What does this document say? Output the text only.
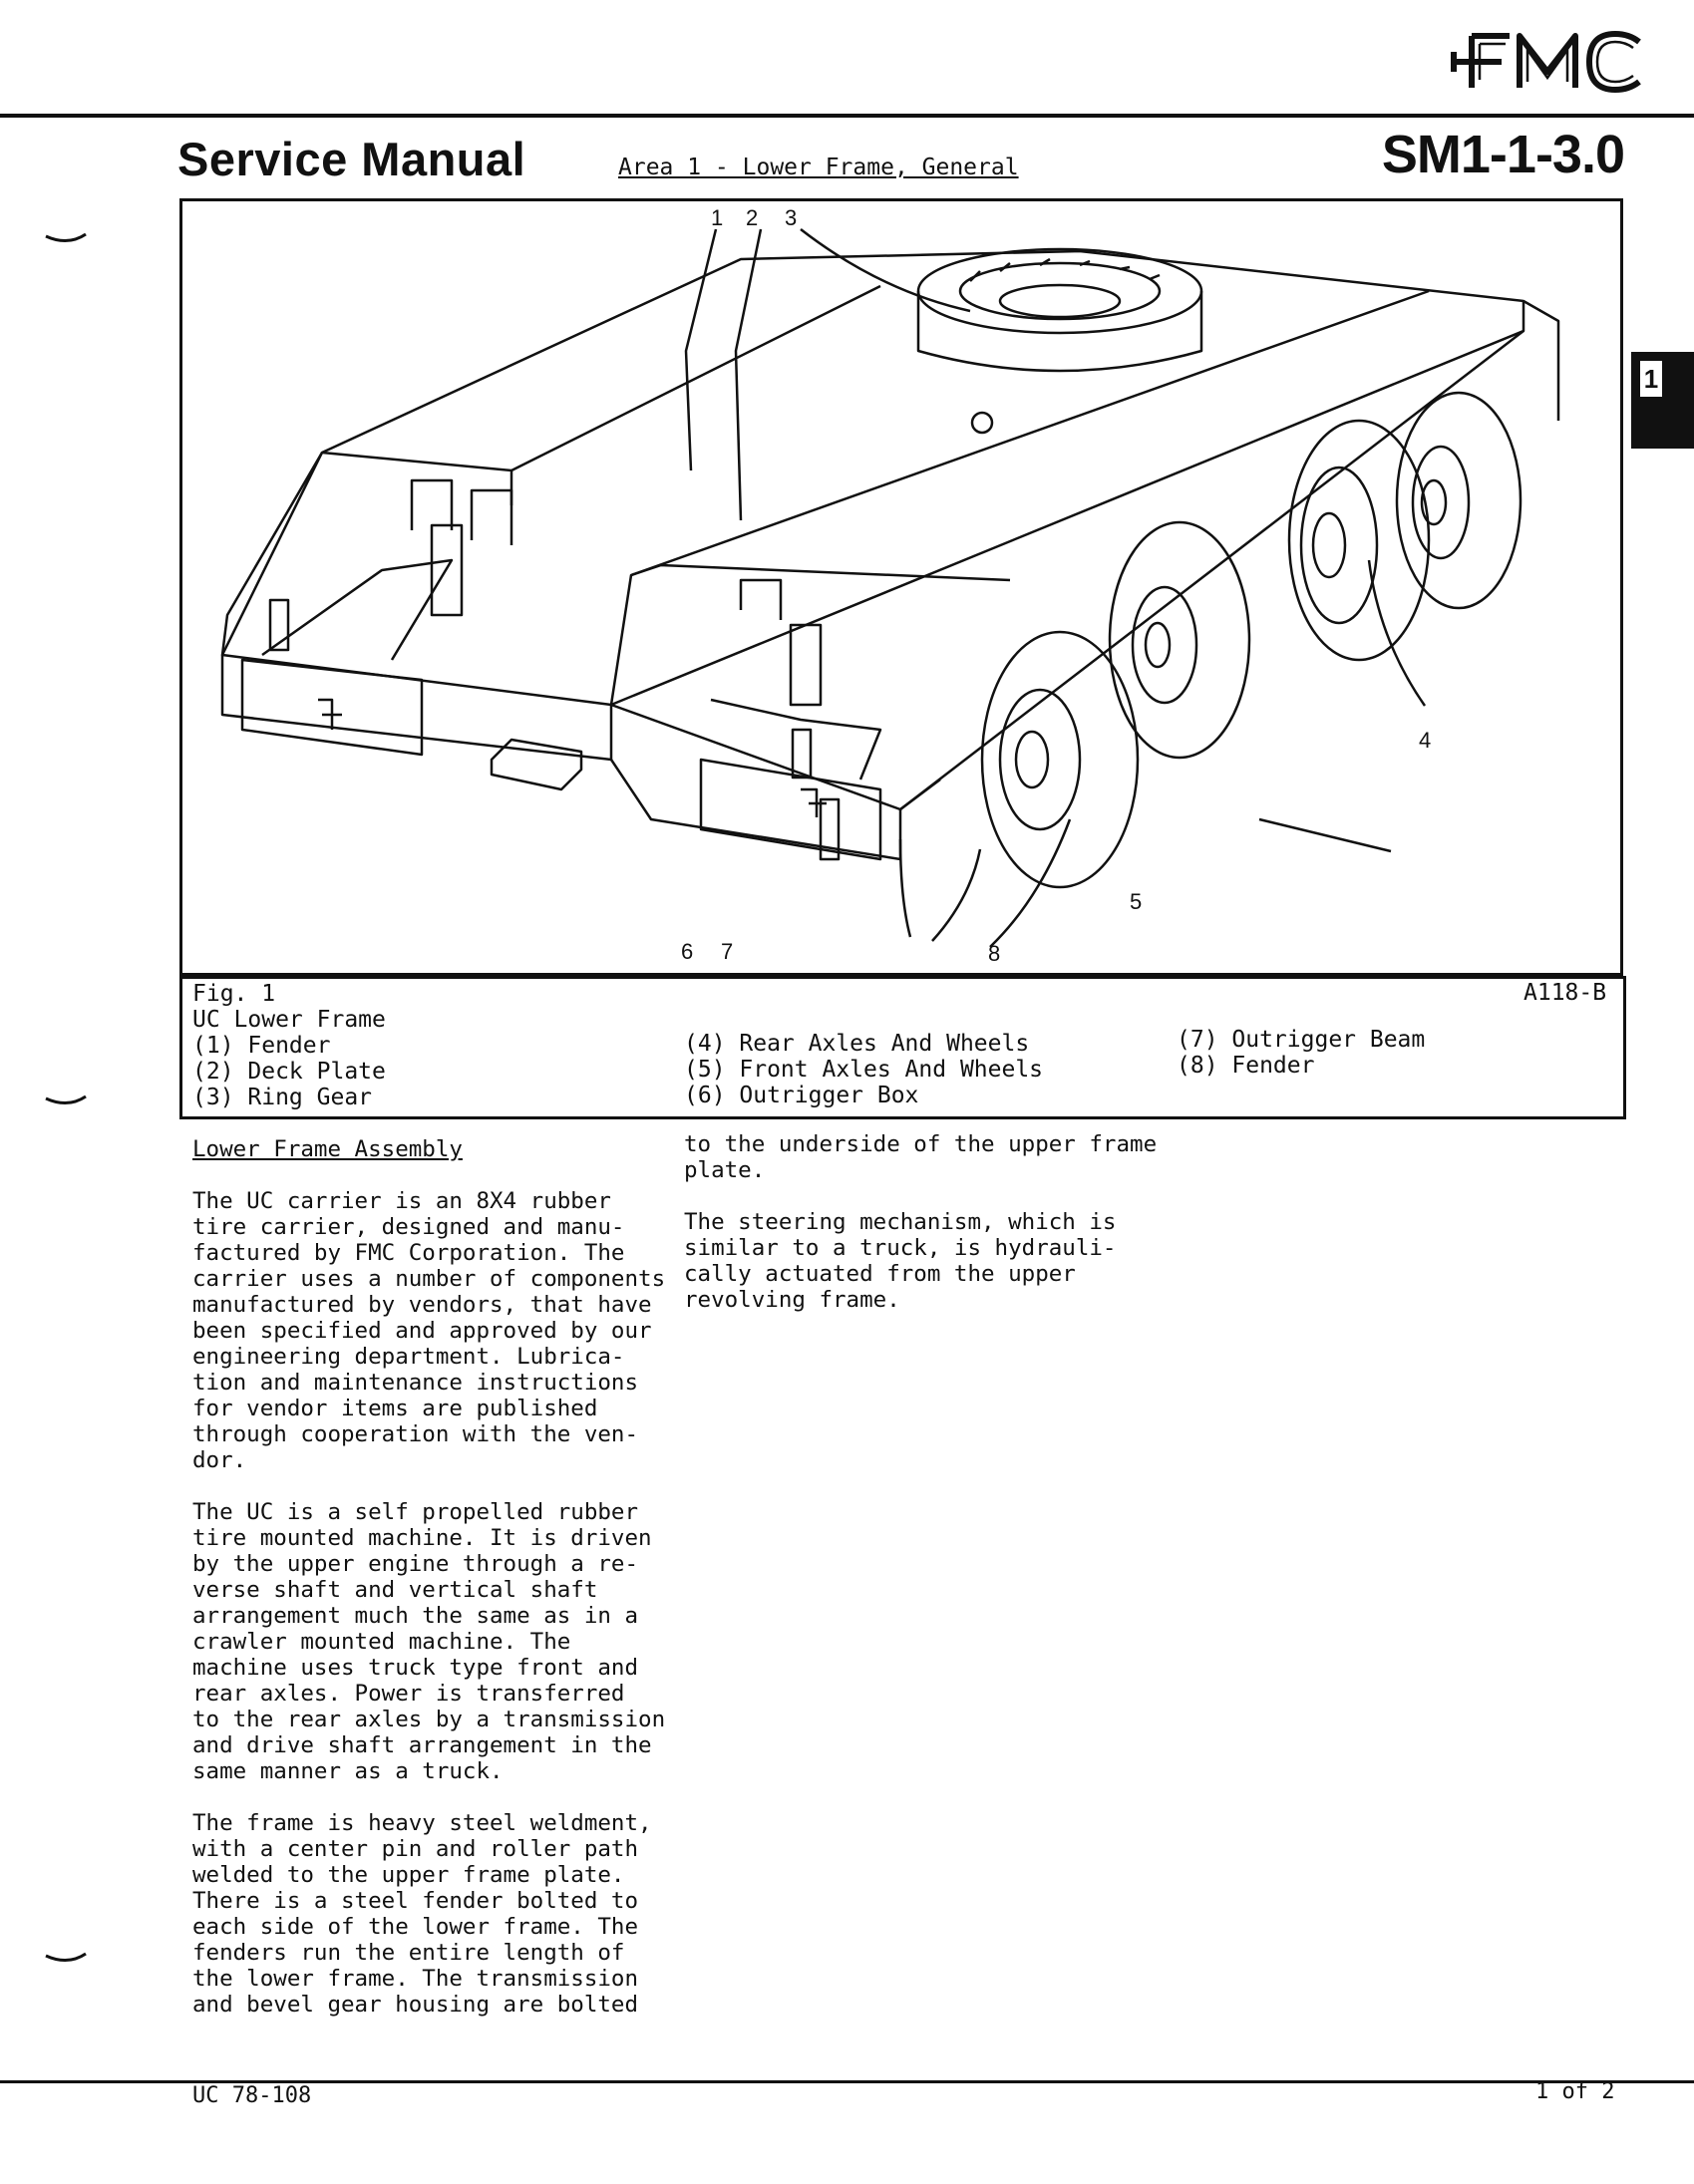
Service Manual	Area 1 - Lower Frame, General	SM1-1-3.0
1
1 2 3
4
5
6 7	8
A118-B
Fig. 1
UC Lower Frame
(1) Fender
(2) Deck Plate
(3) Ring Gear
(4) Rear Axles And Wheels
(5) Front Axles And Wheels
(6) Outrigger Box
(7) Outrigger Beam
(8) Fender
Lower Frame Assembly
The UC carrier is an 8X4 rubber
tire carrier, designed and manu-
factured by FMC Corporation. The
carrier uses a number of components
manufactured by vendors, that have
been specified and approved by our
engineering department. Lubrica-
tion and maintenance instructions
for vendor items are published
through cooperation with the ven-
dor.
The UC is a self propelled rubber
tire mounted machine. It is driven
by the upper engine through a re-
verse shaft and vertical shaft
arrangement much the same as in a
crawler mounted machine. The
machine uses truck type front and
rear axles. Power is transferred
to the rear axles by a transmission
and drive shaft arrangement in the
same manner as a truck.
The frame is heavy steel weldment,
with a center pin and roller path
welded to the upper frame plate.
There is a steel fender bolted to
each side of the lower frame. The
fenders run the entire length of
the lower frame. The transmission
and bevel gear housing are bolted
to the underside of the upper frame
plate.
The steering mechanism, which is
similar to a truck, is hydrauli-
cally actuated from the upper
revolving frame.
UC 78-108	1 of 2
